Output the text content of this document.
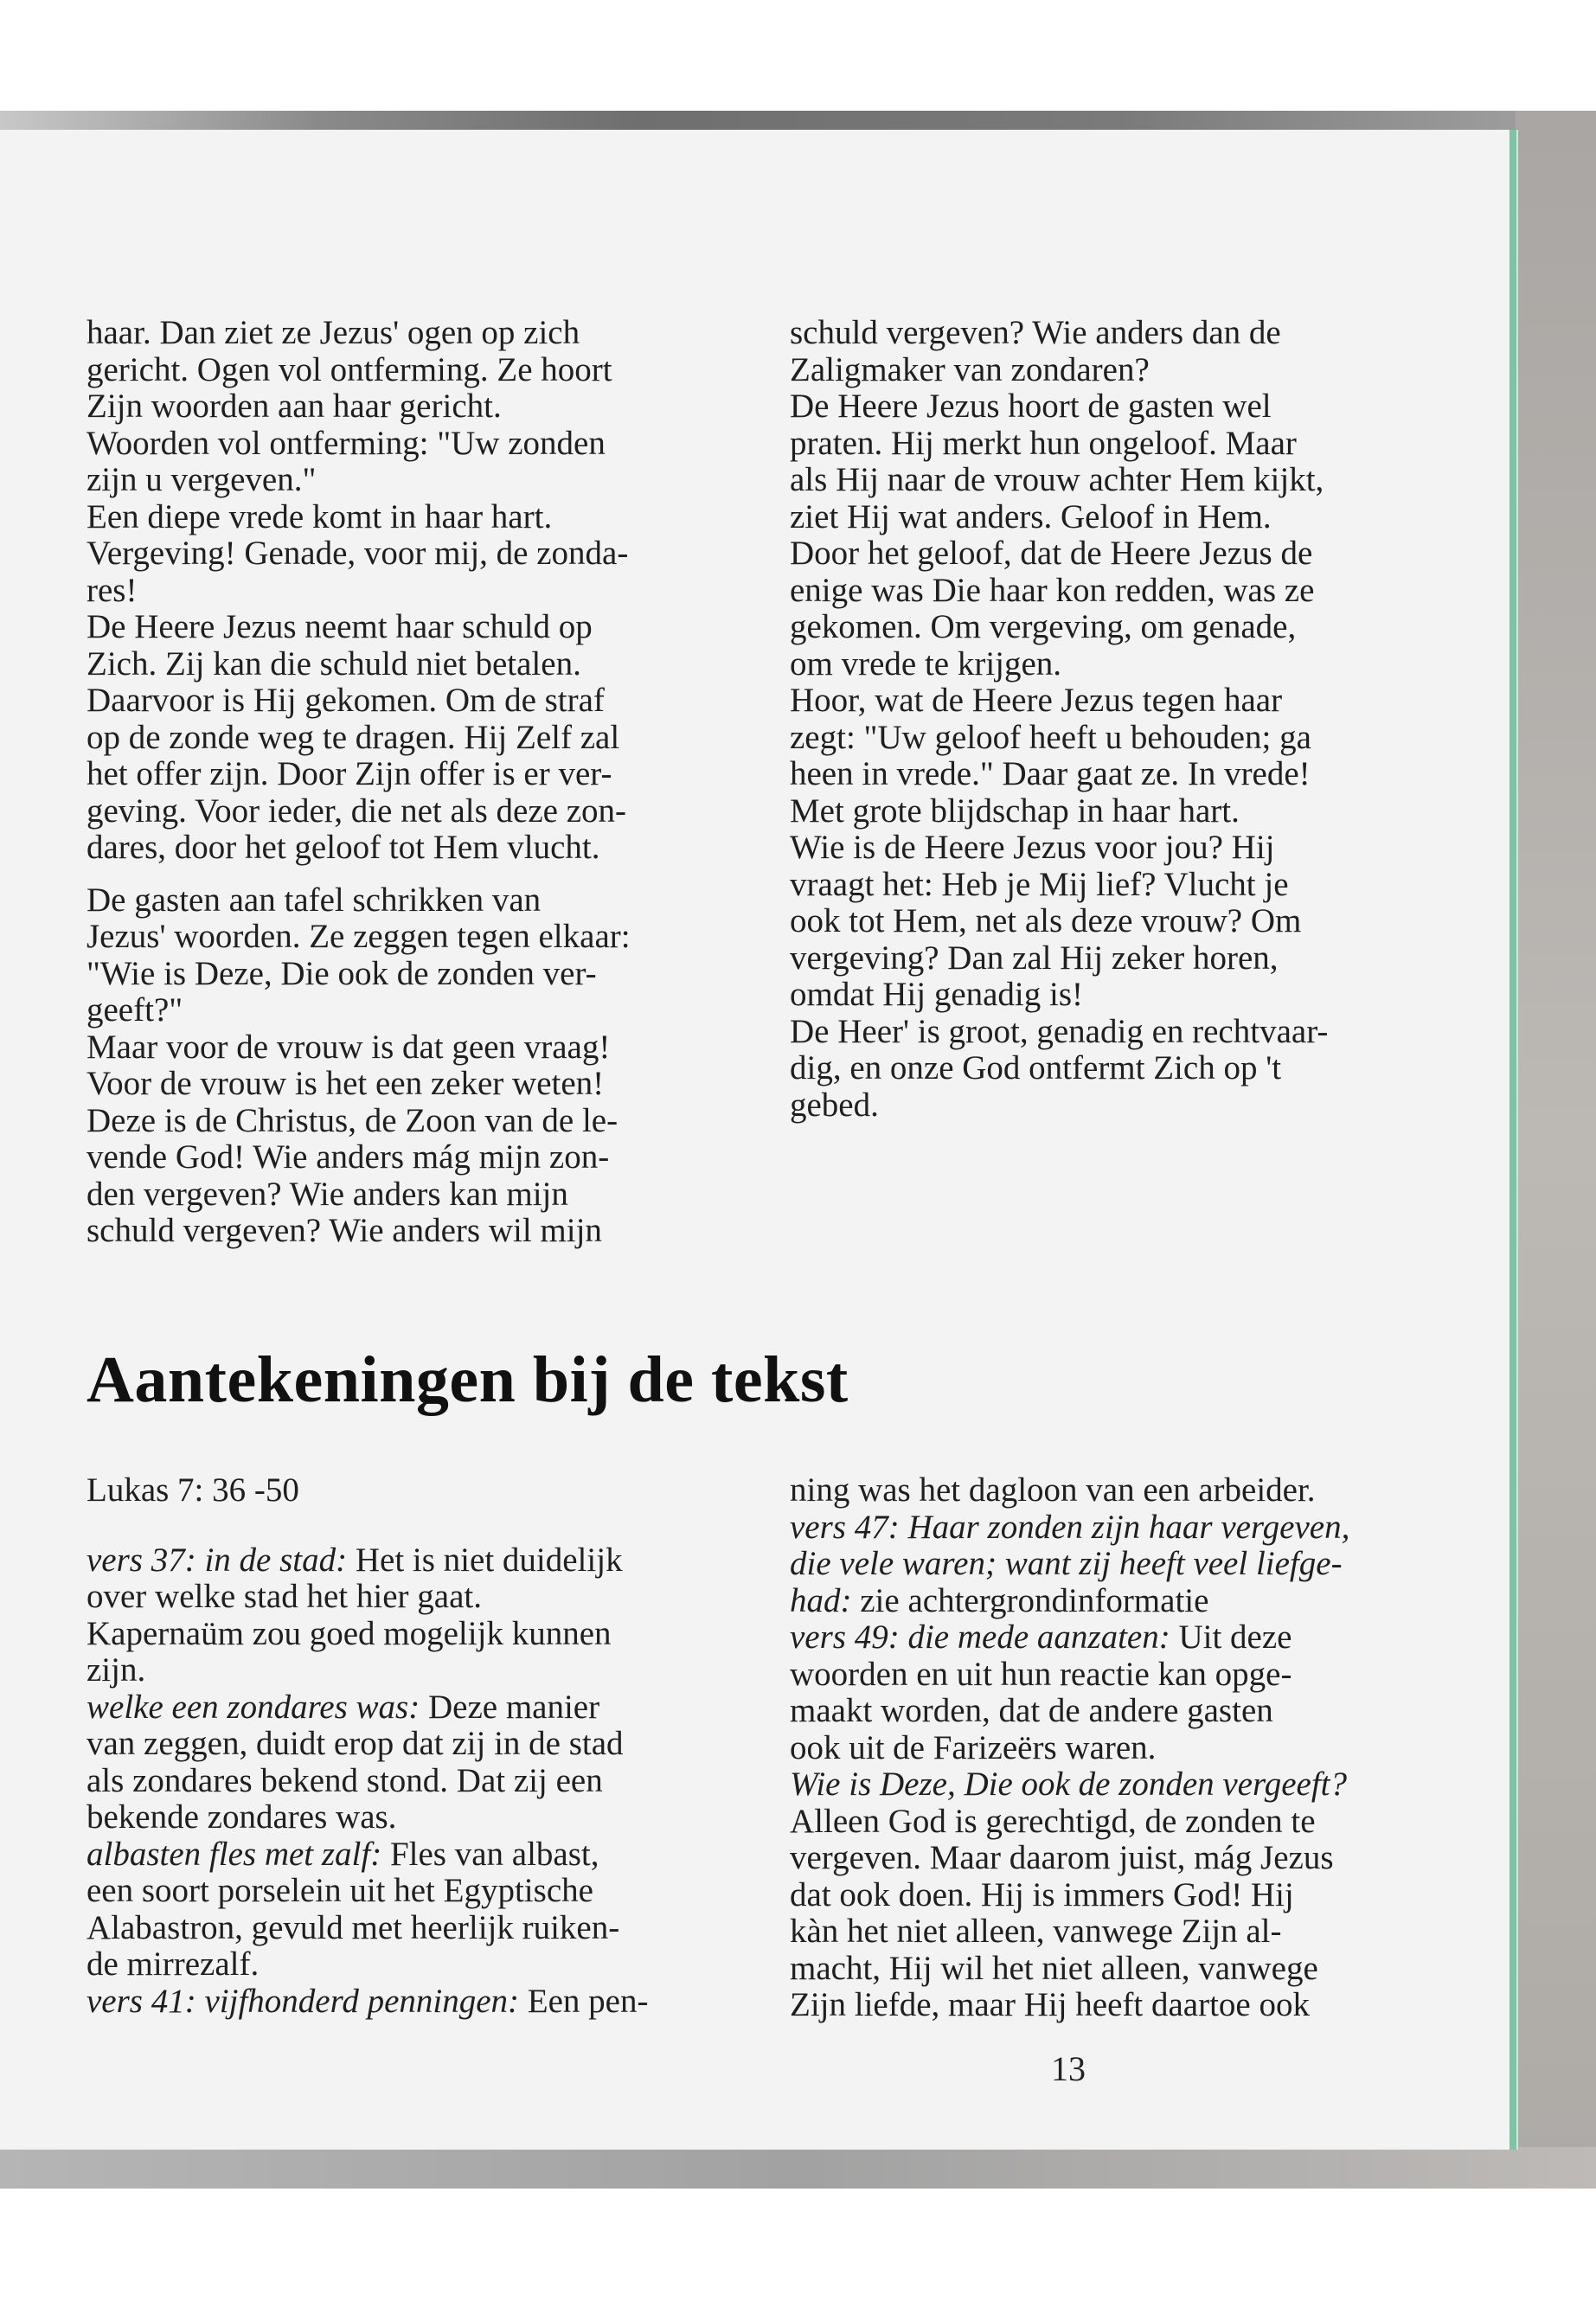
haar. Dan ziet ze Jezus' ogen op zich

gericht. Ogen vol ontferming. Ze hoort

Zijn woorden aan haar gericht.

Woorden vol ontferming: "Uw zonden

zijn u vergeven."

Een diepe vrede komt in haar hart.

Vergeving! Genade, voor mij, de zonda-

res!

De Heere Jezus neemt haar schuld op

Zich. Zij kan die schuld niet betalen.

Daarvoor is Hij gekomen. Om de straf

op de zonde weg te dragen. Hij Zelf zal

het offer zijn. Door Zijn offer is er ver-

geving. Voor ieder, die net als deze zon-

dares, door het geloof tot Hem vlucht.

De gasten aan tafel schrikken van

Jezus' woorden. Ze zeggen tegen elkaar:

"Wie is Deze, Die ook de zonden ver-

geeft?"

Maar voor de vrouw is dat geen vraag!

Voor de vrouw is het een zeker weten!

Deze is de Christus, de Zoon van de le-

vende God! Wie anders mág mijn zon-

den vergeven? Wie anders kan mijn

schuld vergeven? Wie anders wil mijn

schuld vergeven? Wie anders dan de

Zaligmaker van zondaren?

De Heere Jezus hoort de gasten wel

praten. Hij merkt hun ongeloof. Maar

als Hij naar de vrouw achter Hem kijkt,

ziet Hij wat anders. Geloof in Hem.

Door het geloof, dat de Heere Jezus de

enige was Die haar kon redden, was ze

gekomen. Om vergeving, om genade,

om vrede te krijgen.

Hoor, wat de Heere Jezus tegen haar

zegt: "Uw geloof heeft u behouden; ga

heen in vrede." Daar gaat ze. In vrede!

Met grote blijdschap in haar hart.

Wie is de Heere Jezus voor jou? Hij

vraagt het: Heb je Mij lief? Vlucht je

ook tot Hem, net als deze vrouw? Om

vergeving? Dan zal Hij zeker horen,

omdat Hij genadig is!

De Heer' is groot, genadig en rechtvaar-

dig, en onze God ontfermt Zich op 't

gebed.

Aantekeningen bij de tekst

Lukas 7: 36 -50

vers 37: in de stad: Het is niet duidelijk

over welke stad het hier gaat.

Kapernaüm zou goed mogelijk kunnen

zijn.

welke een zondares was: Deze manier

van zeggen, duidt erop dat zij in de stad

als zondares bekend stond. Dat zij een

bekende zondares was.

albasten fles met zalf: Fles van albast,

een soort porselein uit het Egyptische

Alabastron, gevuld met heerlijk ruiken-

de mirrezalf.

vers 41: vijfhonderd penningen: Een pen-

ning was het dagloon van een arbeider.

vers 47: Haar zonden zijn haar vergeven,

die vele waren; want zij heeft veel liefge-

had: zie achtergrondinformatie

vers 49: die mede aanzaten: Uit deze

woorden en uit hun reactie kan opge-

maakt worden, dat de andere gasten

ook uit de Farizeërs waren.

Wie is Deze, Die ook de zonden vergeeft?

Alleen God is gerechtigd, de zonden te

vergeven. Maar daarom juist, mág Jezus

dat ook doen. Hij is immers God! Hij

kàn het niet alleen, vanwege Zijn al-

macht, Hij wil het niet alleen, vanwege

Zijn liefde, maar Hij heeft daartoe ook

13
